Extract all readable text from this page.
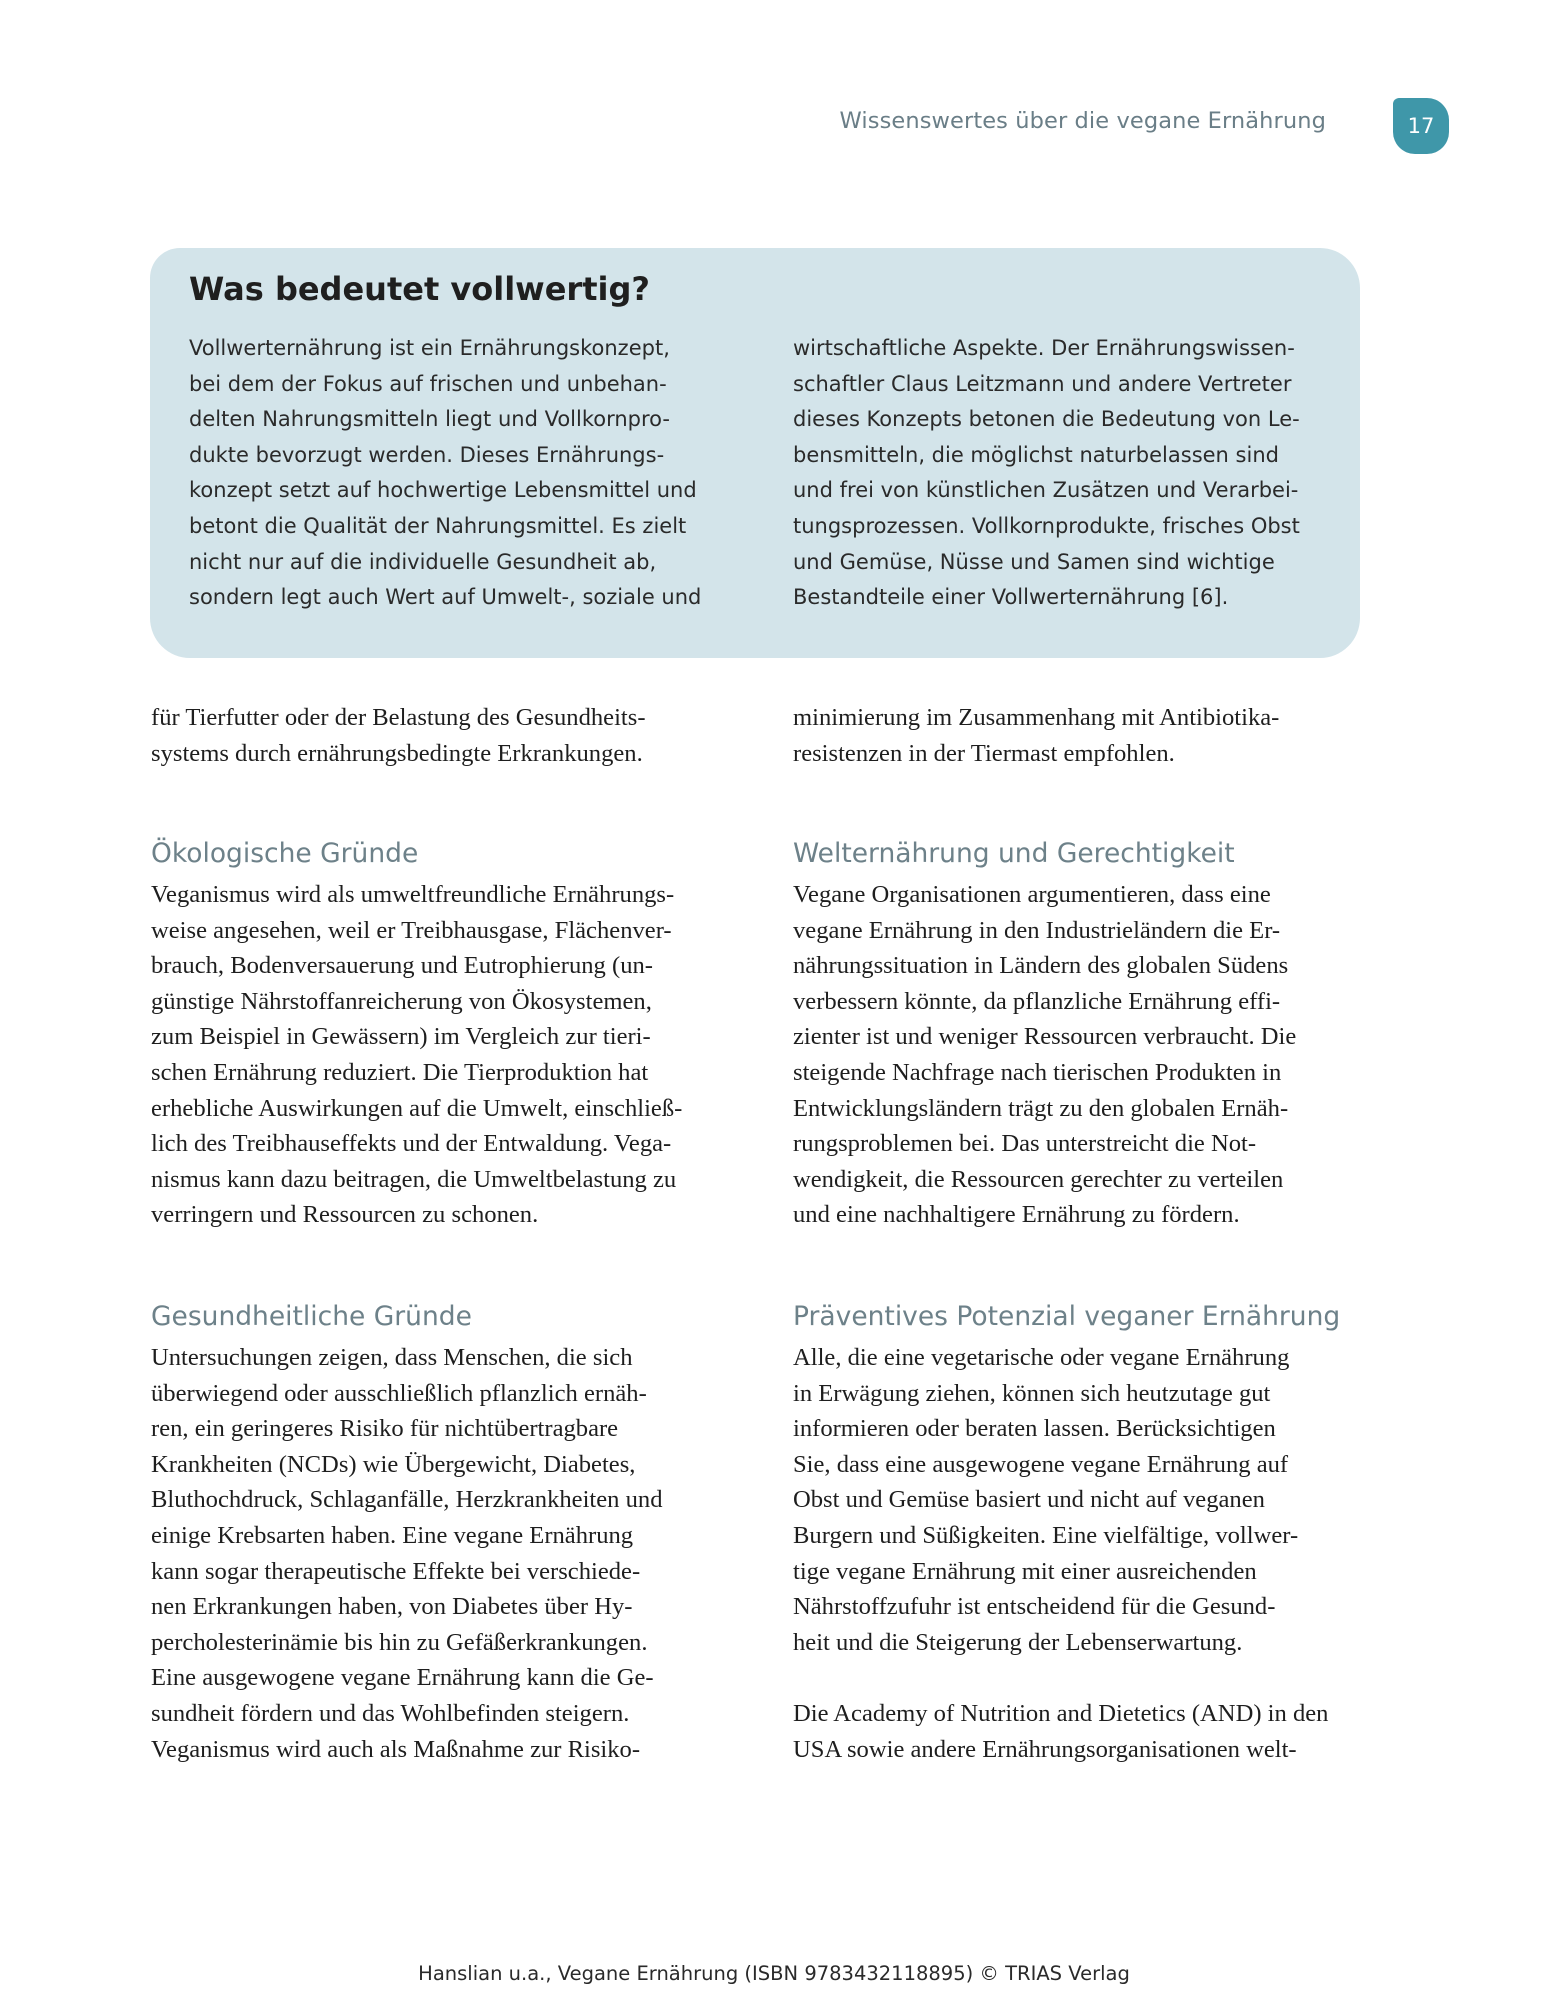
Wissenswertes über die vegane Ernährung	17
Was bedeutet vollwertig?

Vollwerternährung ist ein Ernährungskonzept,
bei dem der Fokus auf frischen und unbehan-
delten Nahrungsmitteln liegt und Vollkornpro-
dukte bevorzugt werden. Dieses Ernährungs-
konzept setzt auf hochwertige Lebensmittel und
betont die Qualität der Nahrungsmittel. Es zielt
nicht nur auf die individuelle Gesundheit ab,
sondern legt auch Wert auf Umwelt-, soziale und

wirtschaftliche Aspekte. Der Ernährungswissen-
schaftler Claus Leitzmann und andere Vertreter
dieses Konzepts betonen die Bedeutung von Le-
bensmitteln, die möglichst naturbelassen sind
und frei von künstlichen Zusätzen und Verarbei-
tungsprozessen. Vollkornprodukte, frisches Obst
und Gemüse, Nüsse und Samen sind wichtige
Bestandteile einer Vollwerternährung [6].

für Tierfutter oder der Belastung des Gesundheits-
systems durch ernährungsbedingte Erkrankungen.

Ökologische Gründe

Veganismus wird als umweltfreundliche Ernährungs-
weise angesehen, weil er Treibhausgase, Flächenver-
brauch, Bodenversauerung und Eutrophierung (un-
günstige Nährstoffanreicherung von Ökosystemen,
zum Beispiel in Gewässern) im Vergleich zur tieri-
schen Ernährung reduziert. Die Tierproduktion hat
erhebliche Auswirkungen auf die Umwelt, einschließ-
lich des Treibhauseffekts und der Entwaldung. Vega-
nismus kann dazu beitragen, die Umweltbelastung zu
verringern und Ressourcen zu schonen.

Gesundheitliche Gründe

Untersuchungen zeigen, dass Menschen, die sich
überwiegend oder ausschließlich pflanzlich ernäh-
ren, ein geringeres Risiko für nichtübertragbare
Krankheiten (NCDs) wie Übergewicht, Diabetes,
Bluthochdruck, Schlaganfälle, Herzkrankheiten und
einige Krebsarten haben. Eine vegane Ernährung
kann sogar therapeutische Effekte bei verschiede-
nen Erkrankungen haben, von Diabetes über Hy-
percholesterinämie bis hin zu Gefäßerkrankungen.
Eine ausgewogene vegane Ernährung kann die Ge-
sundheit fördern und das Wohlbefinden steigern.
Veganismus wird auch als Maßnahme zur Risiko-

minimierung im Zusammenhang mit Antibiotika-
resistenzen in der Tiermast empfohlen.

Welternährung und Gerechtigkeit

Vegane Organisationen argumentieren, dass eine
vegane Ernährung in den Industrieländern die Er-
nährungssituation in Ländern des globalen Südens
verbessern könnte, da pflanzliche Ernährung effi-
zienter ist und weniger Ressourcen verbraucht. Die
steigende Nachfrage nach tierischen Produkten in
Entwicklungsländern trägt zu den globalen Ernäh-
rungsproblemen bei. Das unterstreicht die Not-
wendigkeit, die Ressourcen gerechter zu verteilen
und eine nachhaltigere Ernährung zu fördern.

Präventives Potenzial veganer Ernährung

Alle, die eine vegetarische oder vegane Ernährung
in Erwägung ziehen, können sich heutzutage gut
informieren oder beraten lassen. Berücksichtigen
Sie, dass eine ausgewogene vegane Ernährung auf
Obst und Gemüse basiert und nicht auf veganen
Burgern und Süßigkeiten. Eine vielfältige, vollwer-
tige vegane Ernährung mit einer ausreichenden
Nährstoffzufuhr ist entscheidend für die Gesund-
heit und die Steigerung der Lebenserwartung.

Die Academy of Nutrition and Dietetics (AND) in den
USA sowie andere Ernährungsorganisationen welt-

Hanslian u.a., Vegane Ernährung (ISBN 9783432118895) © TRIAS Verlag
